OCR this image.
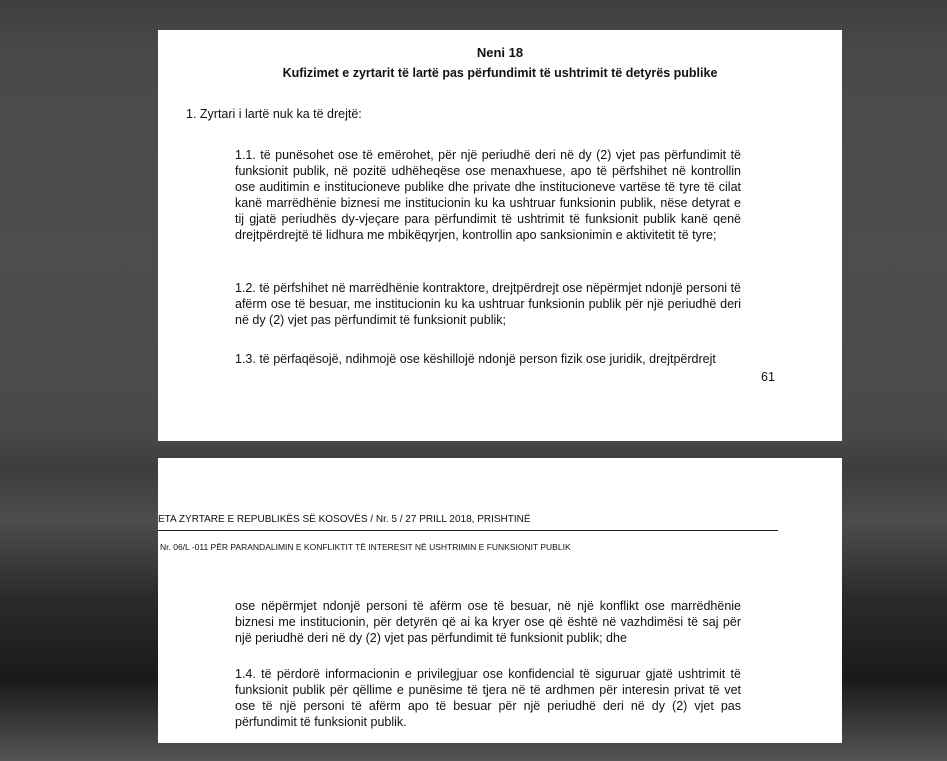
Neni 18
Kufizimet e zyrtarit të lartë pas përfundimit të ushtrimit të detyrës publike
1. Zyrtari i lartë nuk ka të drejtë:
1.1. të punësohet ose të emërohet, për një periudhë deri në dy (2) vjet pas përfundimit të funksionit publik, në pozitë udhëheqëse ose menaxhuese, apo të përfshihet në kontrollin ose auditimin e institucioneve publike dhe private dhe institucioneve vartëse të tyre të cilat kanë marrëdhënie biznesi me institucionin ku ka ushtruar funksionin publik, nëse detyrat e tij gjatë periudhës dy-vjeçare para përfundimit të ushtrimit të funksionit publik kanë qenë drejtpërdrejtë të lidhura me mbikëqyrjen, kontrollin apo sanksionimin e aktivitetit të tyre;
1.2. të përfshihet në marrëdhënie kontraktore, drejtpërdrejt ose nëpërmjet ndonjë personi të afërm ose të besuar, me institucionin ku ka ushtruar funksionin publik për një periudhë deri në dy (2) vjet pas përfundimit të funksionit publik;
1.3. të përfaqësojë, ndihmojë ose këshillojë ndonjë person fizik ose juridik, drejtpërdrejt
61
ETA ZYRTARE E REPUBLIKËS SË KOSOVËS / Nr. 5 / 27 PRILL 2018, PRISHTINË
Nr. 06/L -011 PËR PARANDALIMIN E KONFLIKTIT TË INTERESIT NË USHTRIMIN E FUNKSIONIT PUBLIK
ose nëpërmjet ndonjë personi të afërm ose të besuar, në një konflikt ose marrëdhënie biznesi me institucionin, për detyrën që ai ka kryer ose që është në vazhdimësi të saj për një periudhë deri në dy (2) vjet pas përfundimit të funksionit publik; dhe
1.4. të përdorë informacionin e privilegjuar ose konfidencial të siguruar gjatë ushtrimit të funksionit publik për qëllime e punësime të tjera në të ardhmen për interesin privat të vet ose të një personi të afërm apo të besuar për një periudhë deri në dy (2) vjet pas përfundimit të funksionit publik.
